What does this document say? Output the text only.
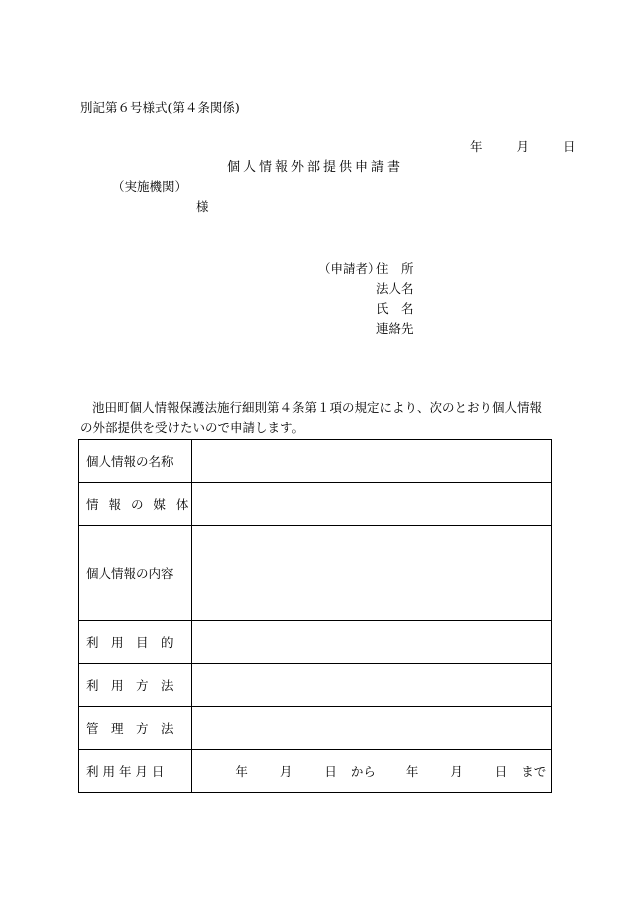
別記第６号様式(第４条関係)
年	月	日
個人情報外部提供申請書
（実施機関）
様
（申請者）
住　所
法人名
氏　名
連絡先
池田町個人情報保護法施行細則第４条第１項の規定により、次のとおり個人情報の外部提供を受けたいので申請します。
個人情報の名称	
情 報 の 媒 体	
個人情報の内容	
利　用　目　的	
利　用　方　法	
管　理　方　法	
利 用 年 月 日	年 月 日 から 年 月 日 まで
